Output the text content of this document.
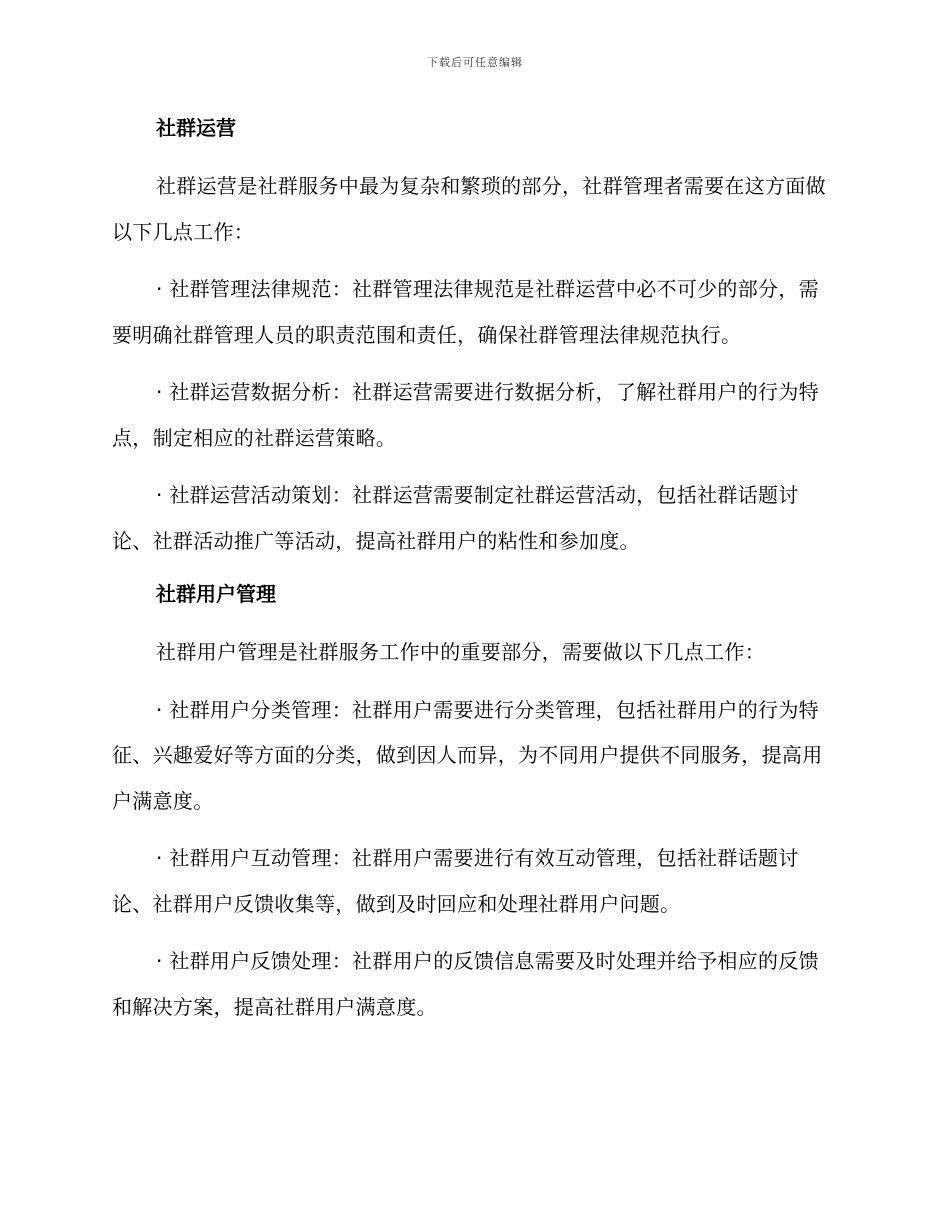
下载后可任意编辑
社群运营

社群运营是社群服务中最为复杂和繁琐的部分，社群管理者需要在这方面做以下几点工作：

· 社群管理法律规范：社群管理法律规范是社群运营中必不可少的部分，需要明确社群管理人员的职责范围和责任，确保社群管理法律规范执行。

· 社群运营数据分析：社群运营需要进行数据分析，了解社群用户的行为特点，制定相应的社群运营策略。

· 社群运营活动策划：社群运营需要制定社群运营活动，包括社群话题讨论、社群活动推广等活动，提高社群用户的粘性和参加度。

社群用户管理

社群用户管理是社群服务工作中的重要部分，需要做以下几点工作：

· 社群用户分类管理：社群用户需要进行分类管理，包括社群用户的行为特征、兴趣爱好等方面的分类，做到因人而异，为不同用户提供不同服务，提高用户满意度。

· 社群用户互动管理：社群用户需要进行有效互动管理，包括社群话题讨论、社群用户反馈收集等，做到及时回应和处理社群用户问题。

· 社群用户反馈处理：社群用户的反馈信息需要及时处理并给予相应的反馈和解决方案，提高社群用户满意度。
